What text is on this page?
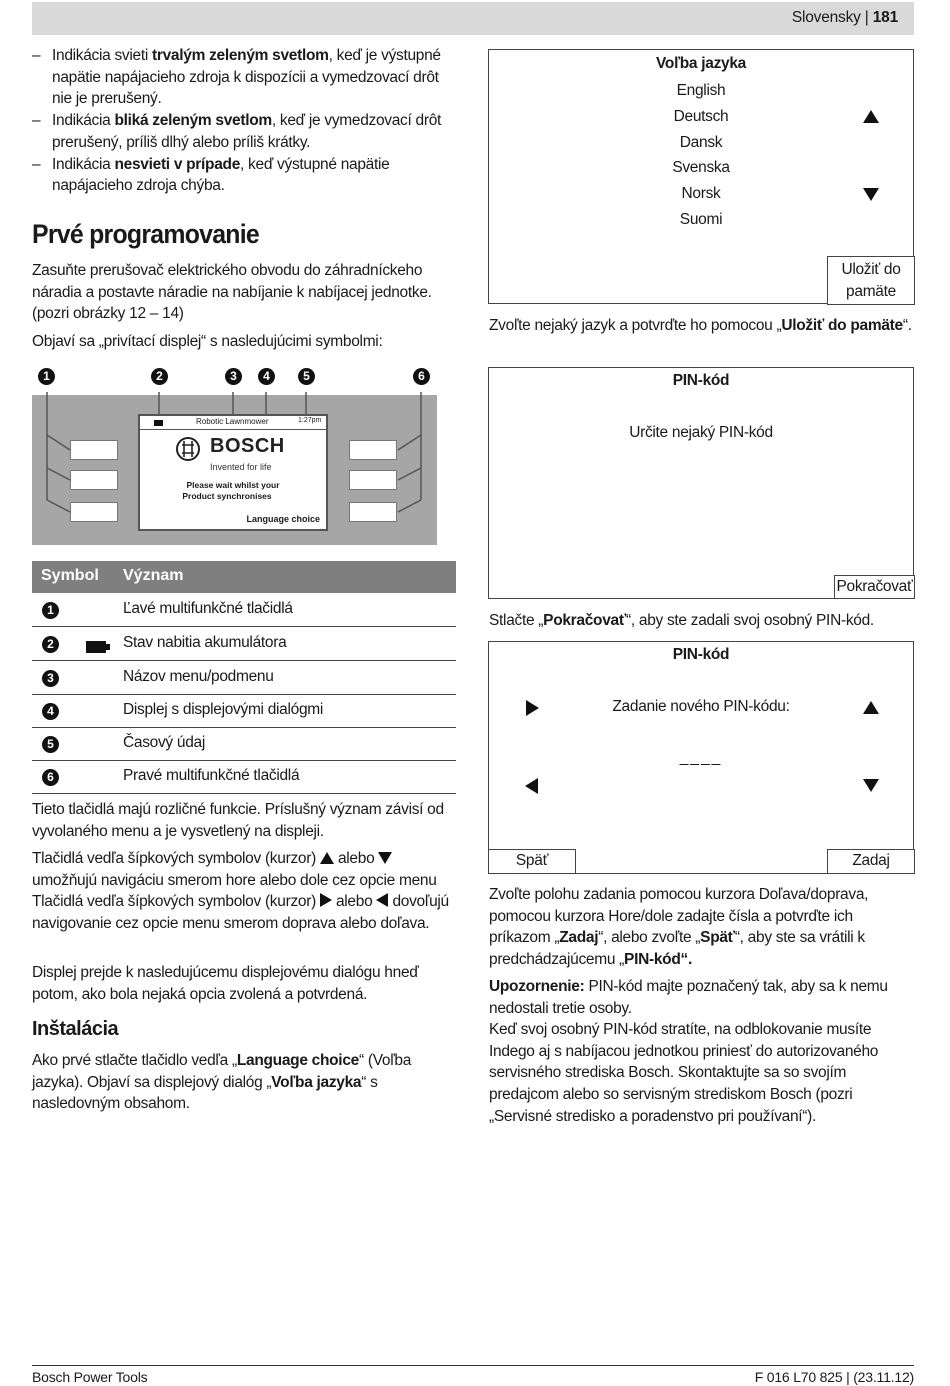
Slovensky | 181
– Indikácia svieti trvalým zeleným svetlom, keď je výstupné napätie napájacieho zdroja k dispozícii a vymedzovací drôt nie je prerušený.
– Indikácia bliká zeleným svetlom, keď je vymedzovací drôt prerušený, príliš dlhý alebo príliš krátky.
– Indikácia nesvieti v prípade, keď výstupné napätie napájacieho zdroja chýba.
Prvé programovanie
Zasuňte prerušovač elektrického obvodu do záhradníckeho náradia a postavte náradie na nabíjanie k nabíjacej jednotke. (pozri obrázky 12 – 14)
Objaví sa „privítací displej“ s nasledujúcimi symbolmi:
1	2	3	4	5	6
Robotic Lawnmower	1:27pm
BOSCH
Invented for life
Please wait whilst your
Product synchronises
Language choice
Symbol Význam
1	Ľavé multifunkčné tlačidlá
2	Stav nabitia akumulátora
3	Názov menu/podmenu
4	Displej s displejovými dialógmi
5	Časový údaj
6	Pravé multifunkčné tlačidlá
Tieto tlačidlá majú rozličné funkcie. Príslušný význam závisí od vyvolaného menu a je vysvetlený na displeji.
Tlačidlá vedľa šípkových symbolov (kurzor) alebo  umožňujú navigáciu smerom hore alebo dole cez opcie menu Tlačidlá vedľa šípkových symbolov (kurzor) alebo dovoľujú navigovanie cez opcie menu smerom doprava alebo doľava.
Displej prejde k nasledujúcemu displejovému dialógu hneď potom, ako bola nejaká opcia zvolená a potvrdená.
Inštalácia
Ako prvé stlačte tlačidlo vedľa „Language choice“ (Voľba jazyka). Objaví sa displejový dialóg „Voľba jazyka“ s nasledovným obsahom.
Voľba jazyka
English
Deutsch
Dansk
Svenska
Norsk
Suomi
Uložiť do pamäte
Zvoľte nejaký jazyk a potvrďte ho pomocou „Uložiť do pamäte“.
PIN-kód
Určite nejaký PIN-kód
Pokračovať
Stlačte „Pokračovať“, aby ste zadali svoj osobný PIN-kód.
PIN-kód
Zadanie nového PIN-kódu:
____
Späť	Zadaj
Zvoľte polohu zadania pomocou kurzora Doľava/doprava, pomocou kurzora Hore/dole zadajte čísla a potvrďte ich príkazom „Zadaj“, alebo zvoľte „Späť“, aby ste sa vrátili k predchádzajúcemu „PIN-kód“.
Upozornenie: PIN-kód majte poznačený tak, aby sa k nemu nedostali tretie osoby.
Keď svoj osobný PIN-kód stratíte, na odblokovanie musíte Indego aj s nabíjacou jednotkou priniesť do autorizovaného servisného strediska Bosch. Skontaktujte sa so svojím predajcom alebo so servisným strediskom Bosch (pozri „Servisné stredisko a poradenstvo pri používaní“).
Bosch Power Tools	F 016 L70 825 | (23.11.12)
